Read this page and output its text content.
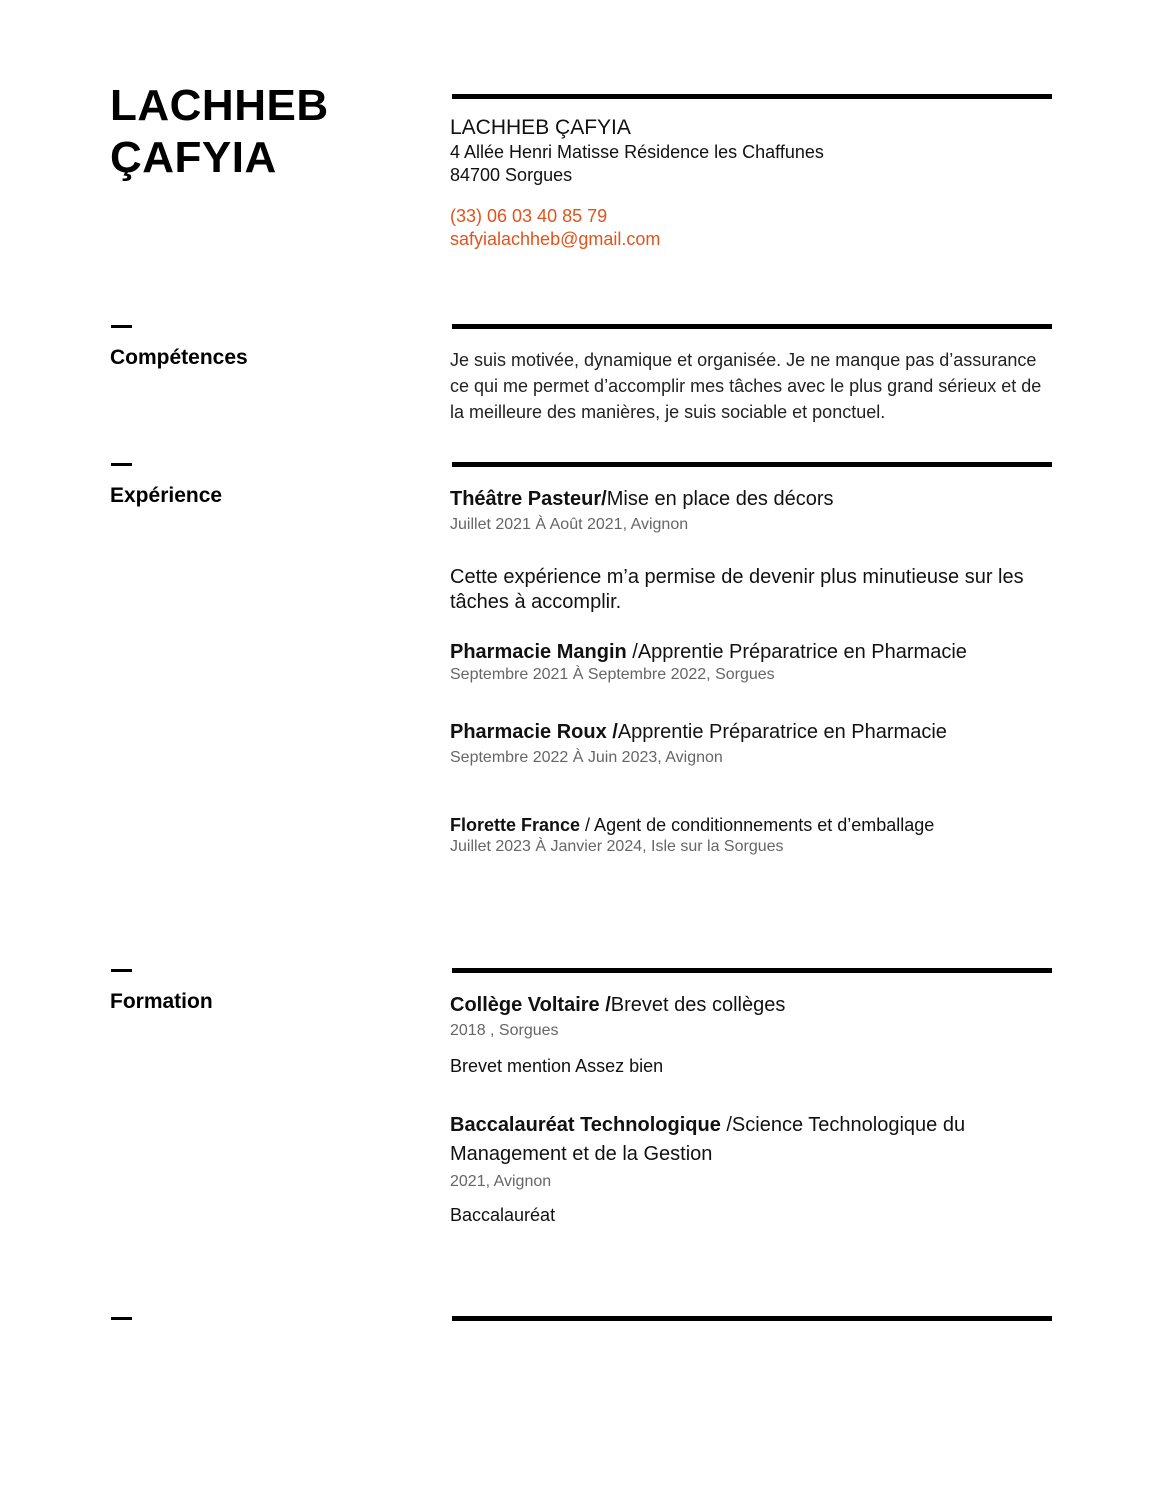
LACHHEB
ÇAFYIA
LACHHEB ÇAFYIA
4 Allée Henri Matisse Résidence les Chaffunes
84700 Sorgues
(33) 06 03 40 85 79
safyialachheb@gmail.com
Compétences	Je suis motivée, dynamique et organisée. Je ne manque pas d’assurance
ce qui me permet d’accomplir mes tâches avec le plus grand sérieux et de
la meilleure des manières, je suis sociable et ponctuel.
Expérience	Théâtre Pasteur/Mise en place des décors
Juillet 2021 À Août 2021, Avignon
Cette expérience m’a permise de devenir plus minutieuse sur les
tâches à accomplir.
Pharmacie Mangin /Apprentie Préparatrice en Pharmacie
Septembre 2021 À Septembre 2022, Sorgues
Pharmacie Roux /Apprentie Préparatrice en Pharmacie
Septembre 2022 À Juin 2023, Avignon
Florette France / Agent de conditionnements et d’emballage
Juillet 2023 À Janvier 2024, Isle sur la Sorgues
Formation	Collège Voltaire /Brevet des collèges
2018 , Sorgues
Brevet mention Assez bien
Baccalauréat Technologique /Science Technologique du
Management et de la Gestion
2021, Avignon
Baccalauréat
